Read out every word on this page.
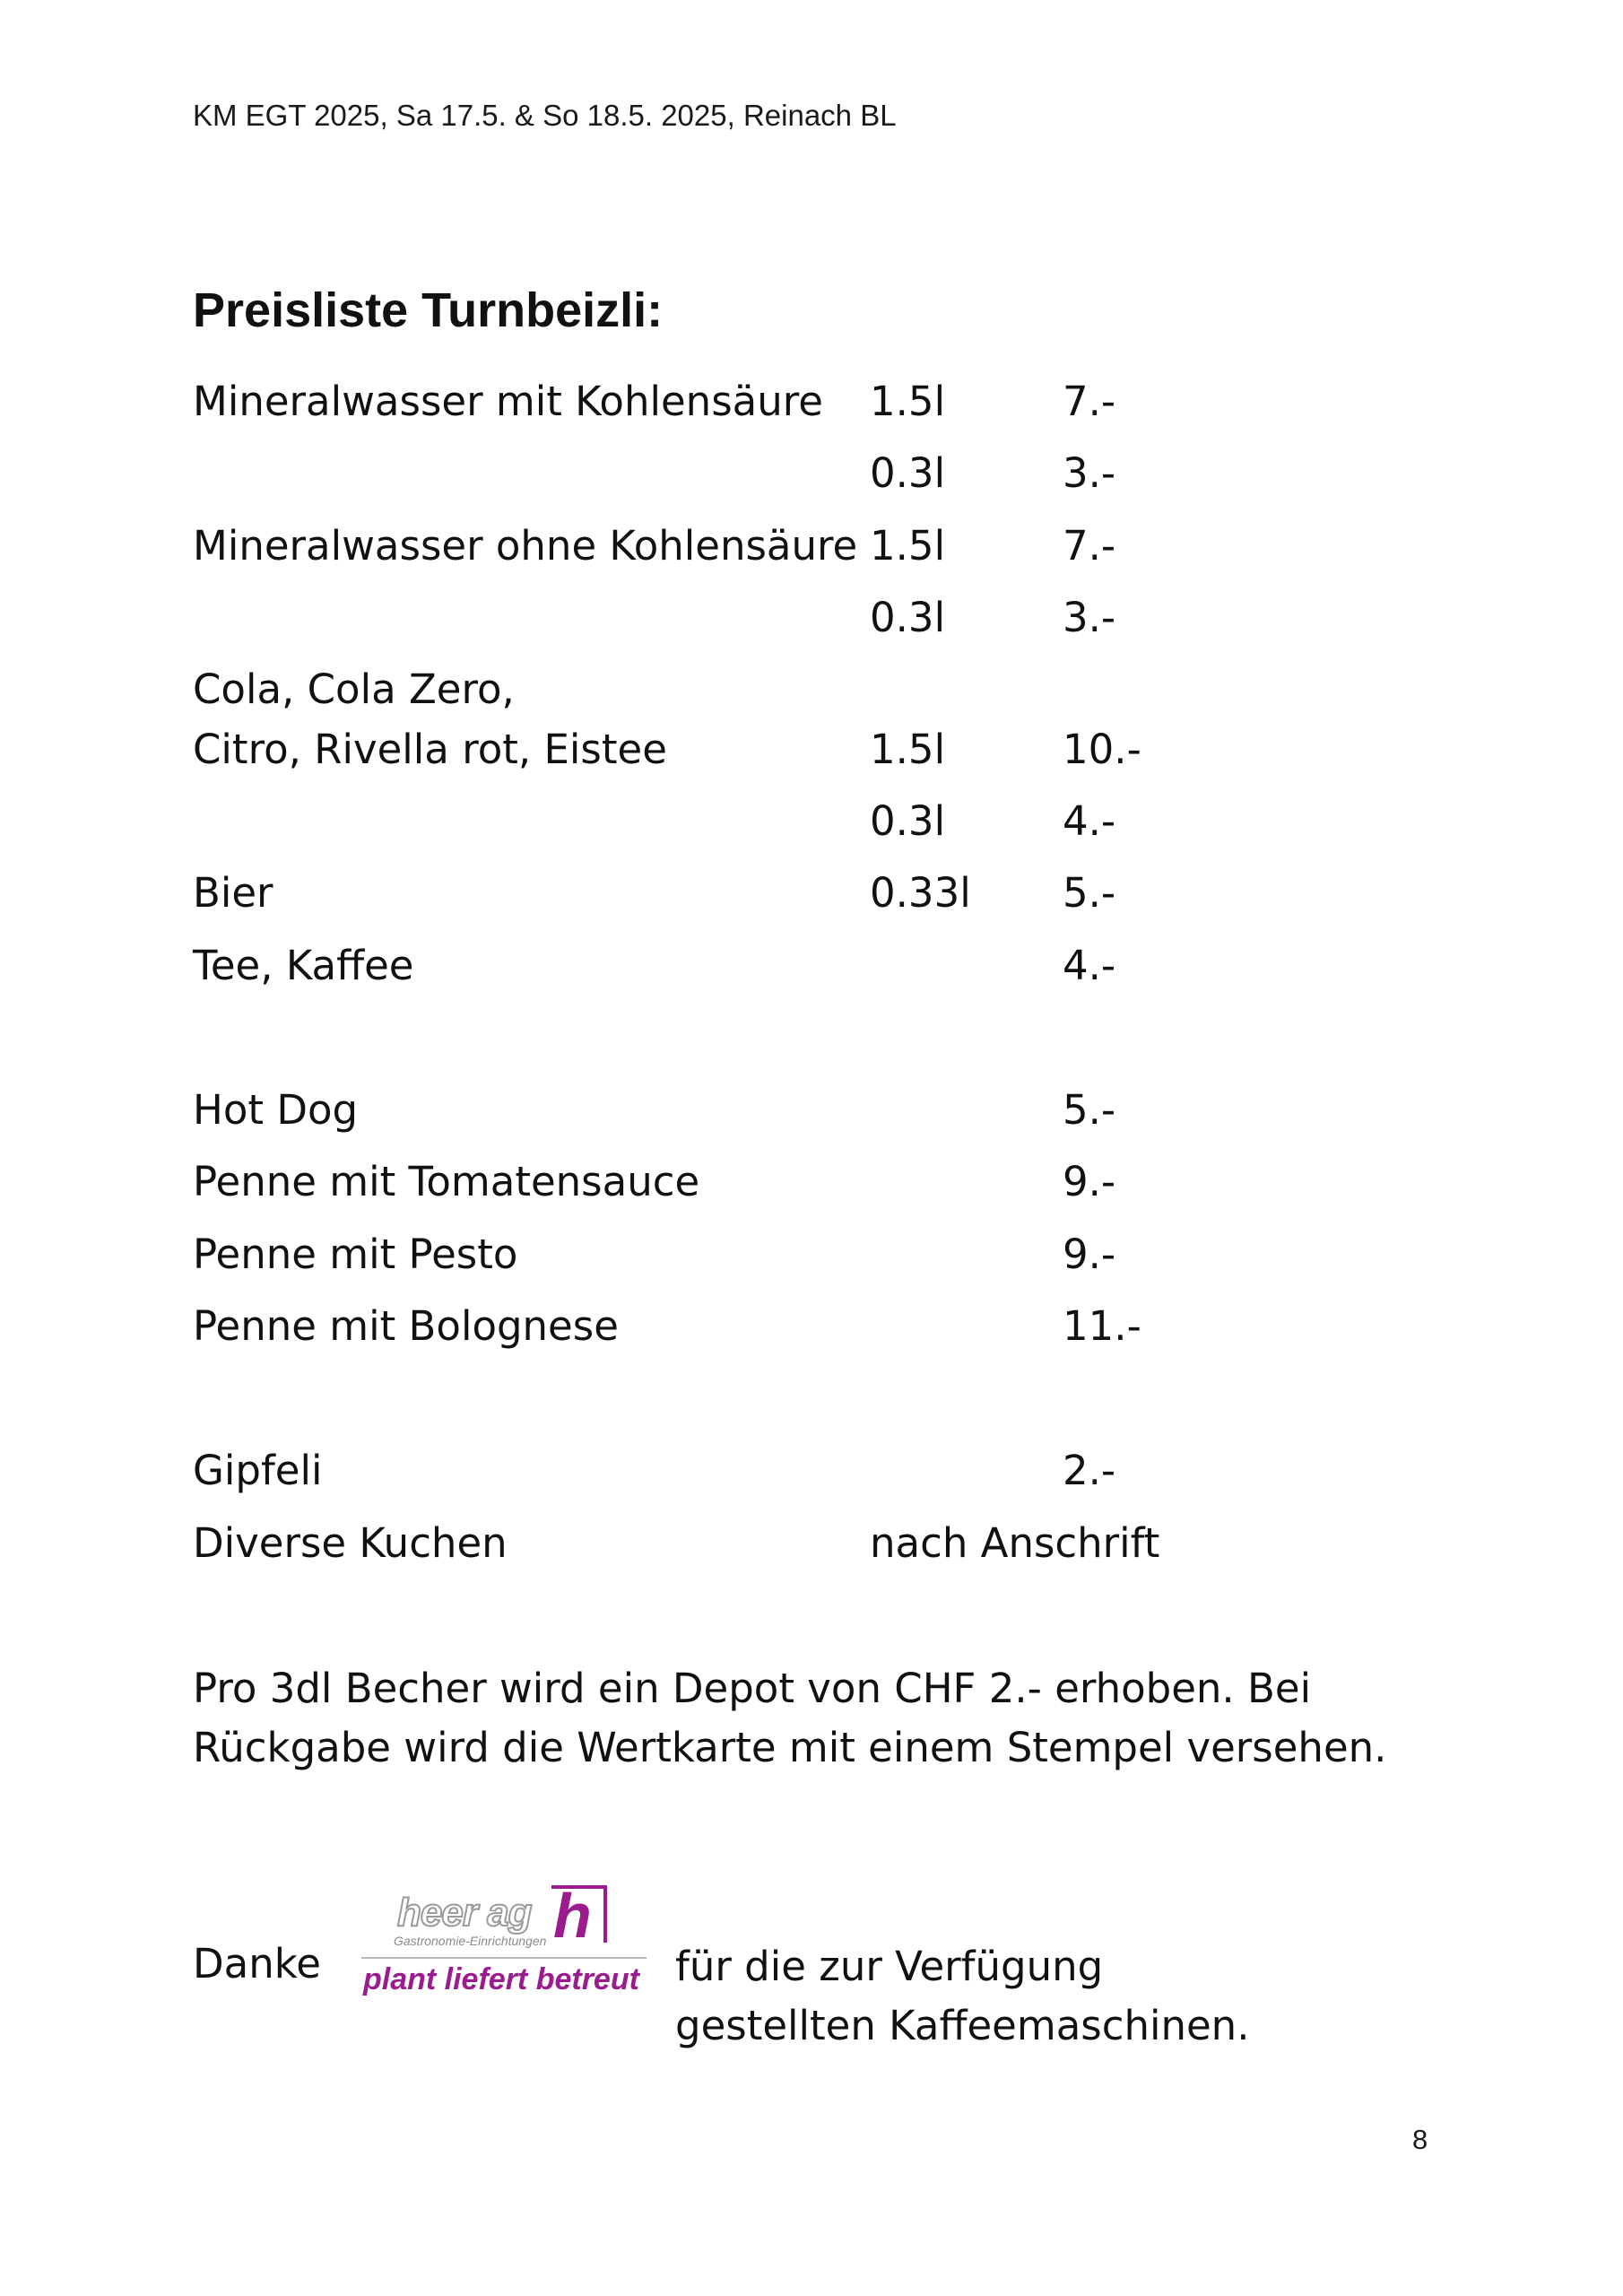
KM EGT 2025, Sa 17.5. & So 18.5. 2025, Reinach BL
Preisliste Turnbeizli:
Mineralwasser mit Kohlensäure 1.5l	7.-
0.3l	3.-
Mineralwasser ohne Kohlensäure 1.5l	7.-
0.3l	3.-
Cola, Cola Zero,
Citro, Rivella rot, Eistee	1.5l	10.-
0.3l	4.-
Bier	0.33l 5.-
Tee, Kaffee	4.-
Hot Dog	5.-
Penne mit Tomatensauce	9.-
Penne mit Pesto	9.-
Penne mit Bolognese	11.-
Gipfeli	2.-
Diverse Kuchen	nach Anschrift
Pro 3dl Becher wird ein Depot von CHF 2.- erhoben. Bei
Rückgabe wird die Wertkarte mit einem Stempel versehen.
Danke
heer ag h
Gastronomie-Einrichtungen
plant liefert betreut für die zur Verfügung
gestellten Kaffeemaschinen.
8
